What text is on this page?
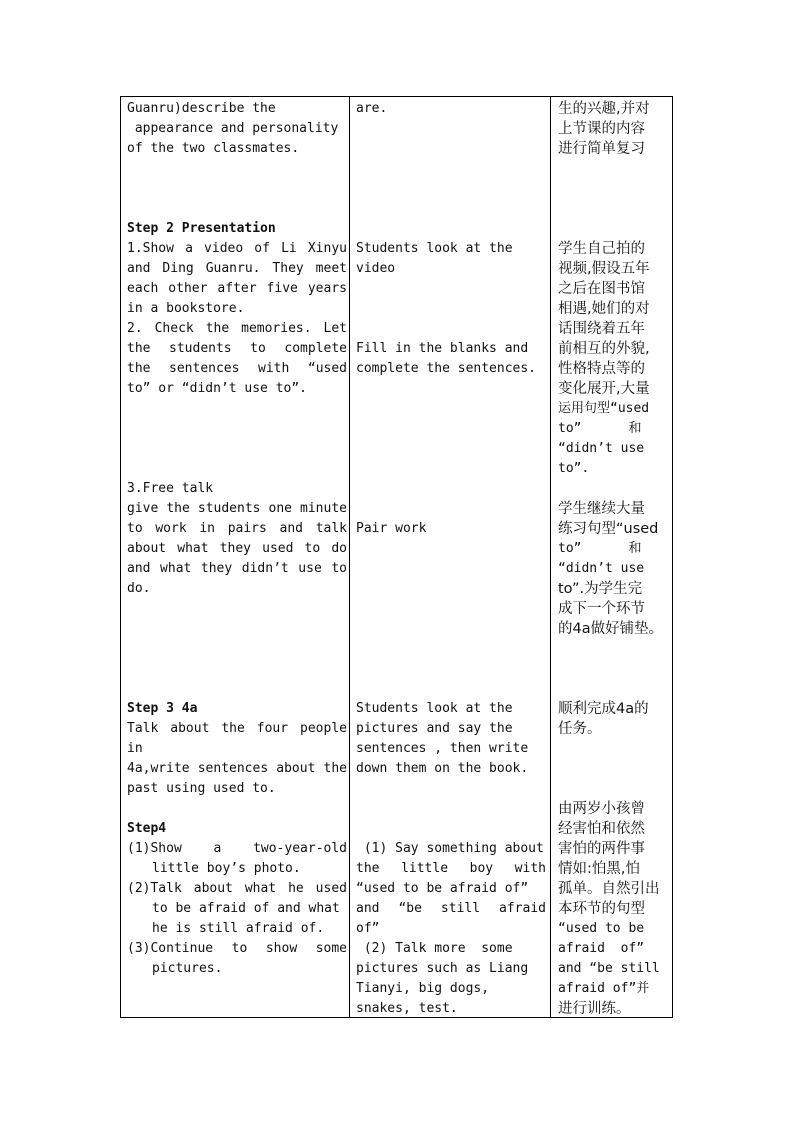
Guanru)describe the
appearance and personality
of the two classmates.
Step 2 Presentation
1.Show a video of Li Xinyu
and Ding Guanru. They meet
each other after five years
in a bookstore.
2. Check the memories. Let
the students to complete
the sentences with “used
to” or “didn’t use to”.
3.Free talk
give the students one minute
to work in pairs and talk
about what they used to do
and what they didn’t use to
do.
Step 3 4a
Talk about the four people in
4a,write sentences about the
past using used to.
Step4
(1)Show a two-year-old
little boy’s photo.
(2)Talk about what he used
to be afraid of and what
he is still afraid of.
(3)Continue to show some
pictures.
are.
Students look at the
video
Fill in the blanks and
complete the sentences.
Pair work
Students look at the
pictures and say the
sentences , then write
down them on the book.
(1) Say something about
the little boy with
“used to be afraid of”
and “be still afraid
of”
(2) Talk more  some
pictures such as Liang
Tianyi, big dogs,
snakes, test.
生的兴趣,并对
上节课的内容
进行简单复习
学生自己拍的
视频,假设五年
之后在图书馆
相遇,她们的对
话围绕着五年
前相互的外貌,
性格特点等的
变化展开,大量
运用句型“used
to”      和
“didn’t use
to”.
学生继续大量
练习句型“used
to”      和
“didn’t use
to”.为学生完
成下一个环节
的4a做好铺垫。
顺利完成4a的
任务。
由两岁小孩曾
经害怕和依然
害怕的两件事
情如:怕黑,怕
孤单。自然引出
本环节的句型
“used to be
afraid  of”
and “be still
afraid of”并
进行训练。
